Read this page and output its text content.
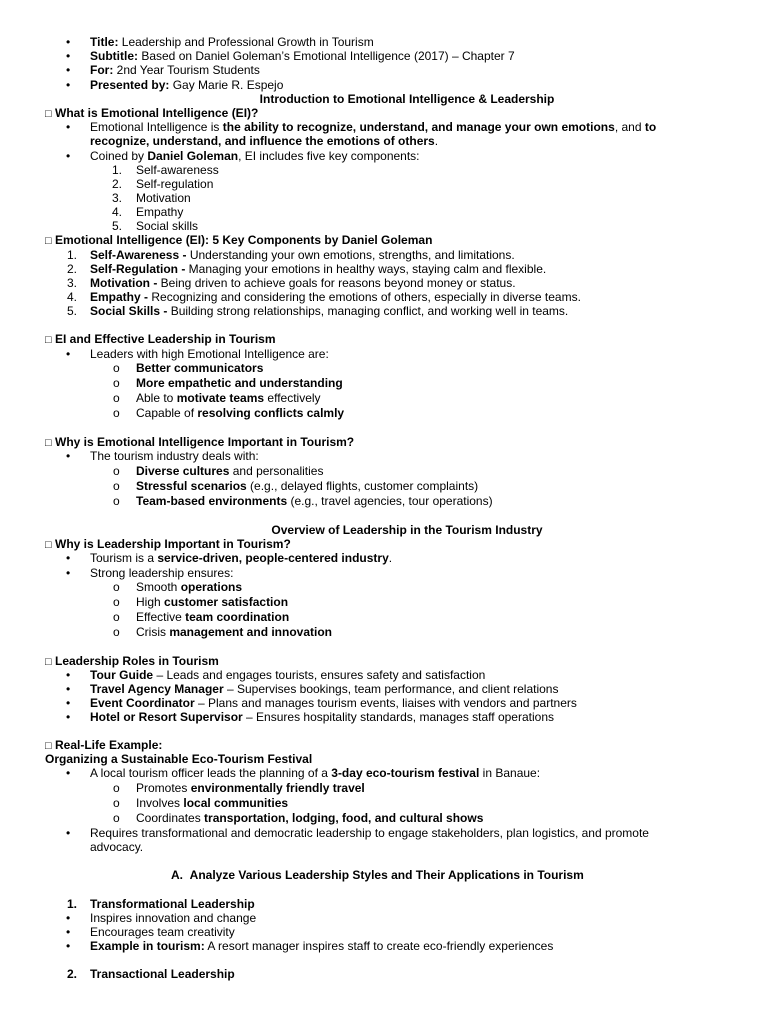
• Title: Leadership and Professional Growth in Tourism
• Subtitle: Based on Daniel Goleman’s Emotional Intelligence (2017) – Chapter 7
• For: 2nd Year Tourism Students
• Presented by: Gay Marie R. Espejo
Introduction to Emotional Intelligence & Leadership
□ What is Emotional Intelligence (EI)?
• Emotional Intelligence is the ability to recognize, understand, and manage your own emotions, and to
recognize, understand, and influence the emotions of others.
• Coined by Daniel Goleman, EI includes five key components:
1. Self-awareness
2. Self-regulation
3. Motivation
4. Empathy
5. Social skills
□ Emotional Intelligence (EI): 5 Key Components by Daniel Goleman
1. Self-Awareness - Understanding your own emotions, strengths, and limitations.
2. Self-Regulation - Managing your emotions in healthy ways, staying calm and flexible.
3. Motivation - Being driven to achieve goals for reasons beyond money or status.
4. Empathy - Recognizing and considering the emotions of others, especially in diverse teams.
5. Social Skills - Building strong relationships, managing conflict, and working well in teams.
□ EI and Effective Leadership in Tourism
• Leaders with high Emotional Intelligence are:
o Better communicators
o More empathetic and understanding
o Able to motivate teams effectively
o Capable of resolving conflicts calmly
□ Why is Emotional Intelligence Important in Tourism?
• The tourism industry deals with:
o Diverse cultures and personalities
o Stressful scenarios (e.g., delayed flights, customer complaints)
o Team-based environments (e.g., travel agencies, tour operations)
Overview of Leadership in the Tourism Industry
□ Why is Leadership Important in Tourism?
• Tourism is a service-driven, people-centered industry.
• Strong leadership ensures:
o Smooth operations
o High customer satisfaction
o Effective team coordination
o Crisis management and innovation
□ Leadership Roles in Tourism
• Tour Guide – Leads and engages tourists, ensures safety and satisfaction
• Travel Agency Manager – Supervises bookings, team performance, and client relations
• Event Coordinator – Plans and manages tourism events, liaises with vendors and partners
• Hotel or Resort Supervisor – Ensures hospitality standards, manages staff operations
□ Real-Life Example:
Organizing a Sustainable Eco-Tourism Festival
• A local tourism officer leads the planning of a 3-day eco-tourism festival in Banaue:
o Promotes environmentally friendly travel
o Involves local communities
o Coordinates transportation, lodging, food, and cultural shows
• Requires transformational and democratic leadership to engage stakeholders, plan logistics, and promote
advocacy.
A. Analyze Various Leadership Styles and Their Applications in Tourism
1. Transformational Leadership
• Inspires innovation and change
• Encourages team creativity
• Example in tourism: A resort manager inspires staff to create eco-friendly experiences
2. Transactional Leadership
